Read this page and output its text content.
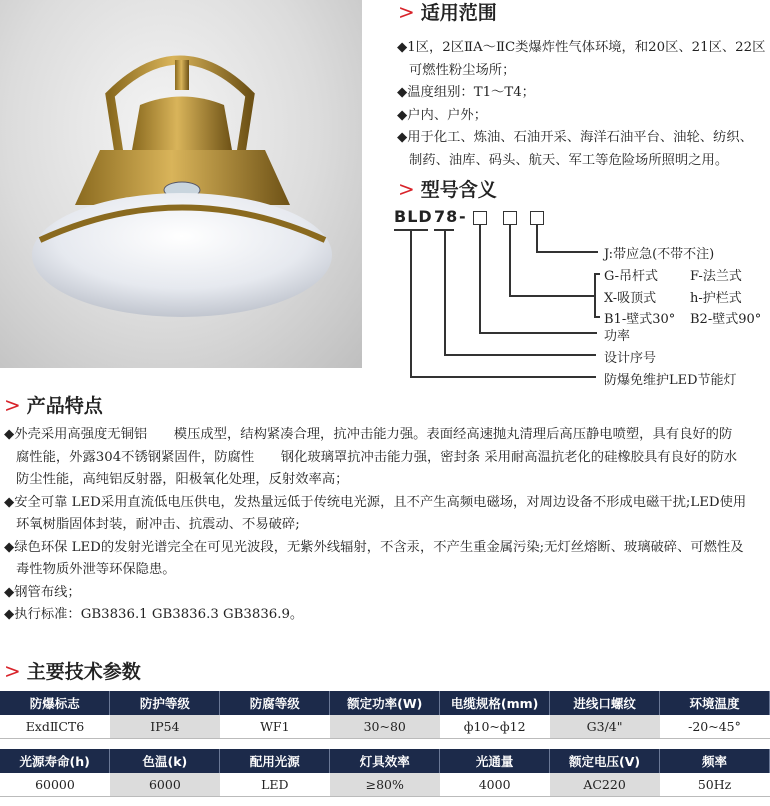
> 适用范围
◆1区，2区ⅡA～ⅡC类爆炸性气体环境，和20区、21区、22区
可燃性粉尘场所；
◆温度组别：T1～T4；
◆户内、户外；
◆用于化工、炼油、石油开采、海洋石油平台、油轮、纺织、
制药、油库、码头、航天、军工等危险场所照明之用。
> 型号含义
BLD 78 -
J:带应急(不带不注)
G-吊杆式 F-法兰式
X-吸顶式	h-护栏式
B1-壁式30° B2-壁式90°
功率
设计序号
防爆免维护LED节能灯
> 产品特点
◆外壳采用高强度无铜铝　　模压成型，结构紧凑合理，抗冲击能力强。表面经高速抛丸清理后高压静电喷塑，具有良好的防
腐性能，外露304不锈钢紧固件，防腐性　　钢化玻璃罩抗冲击能力强，密封条 采用耐高温抗老化的硅橡胶具有良好的防水
防尘性能，高纯铝反射器，阳极氧化处理，反射效率高；
◆安全可靠 LED采用直流低电压供电，发热量远低于传统电光源，且不产生高频电磁场，对周边设备不形成电磁干扰;LED使用
环氧树脂固体封装，耐冲击、抗震动、不易破碎;
◆绿色环保 LED的发射光谱完全在可见光波段，无紫外线辐射，不含汞，不产生重金属污染;无灯丝熔断、玻璃破碎、可燃性及
毒性物质外泄等环保隐患。
◆钢管布线；
◆执行标准：GB3836.1 GB3836.3 GB3836.9。
> 主要技术参数
防爆标志	防护等级	防腐等级	额定功率(W)	电缆规格(mm)	进线口螺纹	环境温度
ExdⅡCT6	IP54	WF1	30~80	ф10~ф12	G3/4"	-20~45°
光源寿命(h)	色温(k)	配用光源	灯具效率	光通量	额定电压(V)	频率
60000	6000	LED	≥80%	4000	AC220	50Hz
